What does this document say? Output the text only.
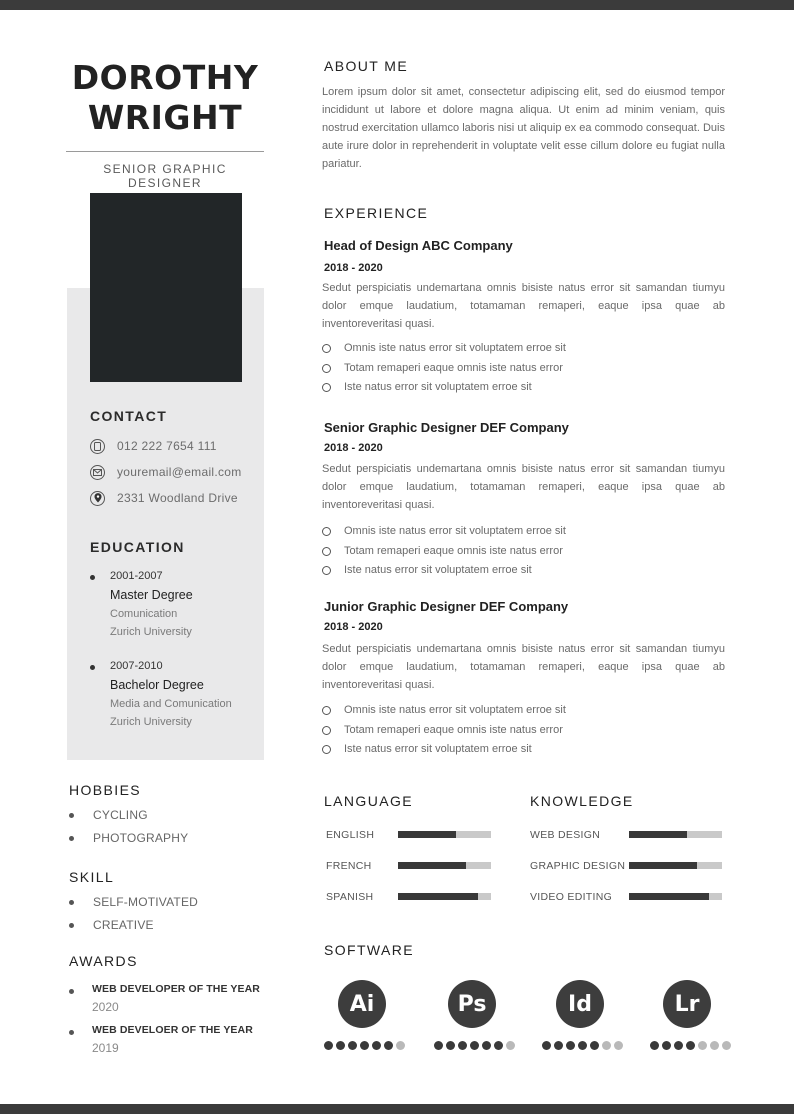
DOROTHY
WRIGHT
SENIOR GRAPHIC DESIGNER
CONTACT
012 222 7654 111
youremail@email.com
2331 Woodland Drive
EDUCATION
2001-2007
Master Degree
Comunication
Zurich University
2007-2010
Bachelor Degree
Media and Comunication
Zurich University
HOBBIES
CYCLING
PHOTOGRAPHY
SKILL
SELF-MOTIVATED
CREATIVE
AWARDS
WEB DEVELOPER OF THE YEAR
2020
WEB DEVELOER OF THE YEAR
2019
ABOUT ME
Lorem ipsum dolor sit amet, consectetur adipiscing elit, sed do eiusmod tempor incididunt ut labore et dolore magna aliqua. Ut enim ad minim veniam, quis nostrud exercitation ullamco laboris nisi ut aliquip ex ea commodo consequat. Duis aute irure dolor in reprehenderit in voluptate velit esse cillum dolore eu fugiat nulla pariatur.
EXPERIENCE
Head of Design ABC Company
2018 - 2020
Sedut perspiciatis undemartana omnis bisiste natus error sit samandan tiumyu dolor emque laudatium, totamaman remaperi, eaque ipsa quae ab inventoreveritasi quasi.
Omnis iste natus error sit voluptatem erroe sit
Totam remaperi eaque omnis iste natus error
Iste natus error sit voluptatem erroe sit
Senior Graphic Designer DEF Company
2018 - 2020
Sedut perspiciatis undemartana omnis bisiste natus error sit samandan tiumyu dolor emque laudatium, totamaman remaperi, eaque ipsa quae ab inventoreveritasi quasi.
Omnis iste natus error sit voluptatem erroe sit
Totam remaperi eaque omnis iste natus error
Iste natus error sit voluptatem erroe sit
Junior Graphic Designer DEF Company
2018 - 2020
Sedut perspiciatis undemartana omnis bisiste natus error sit samandan tiumyu dolor emque laudatium, totamaman remaperi, eaque ipsa quae ab inventoreveritasi quasi.
Omnis iste natus error sit voluptatem erroe sit
Totam remaperi eaque omnis iste natus error
Iste natus error sit voluptatem erroe sit
LANGUAGE
ENGLISH
FRENCH
SPANISH
KNOWLEDGE
WEB DESIGN
GRAPHIC DESIGN
VIDEO EDITING
SOFTWARE
Ai	Ps	Id	Lr
